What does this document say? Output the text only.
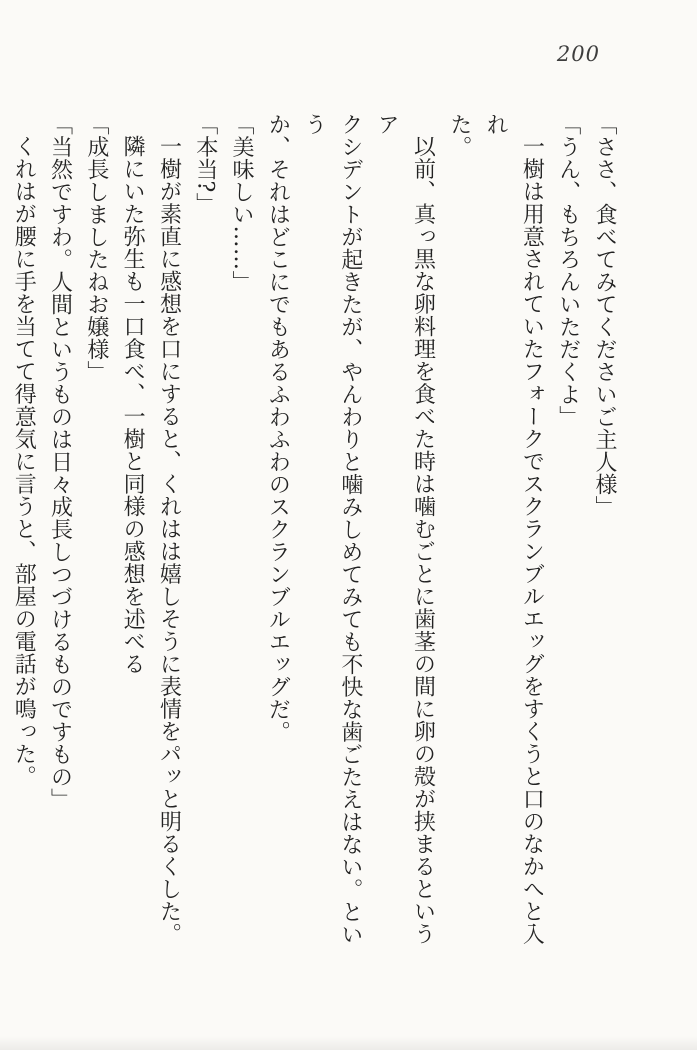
200

「ささ、食べてみてくださいご主人様」

「うん、もちろんいただくよ」

一樹は用意されていたフォークでスクランブルエッグをすくうと口のなかへと入れ

た。

以前、真っ黒な卵料理を食べた時は噛むごとに歯茎の間に卵の殻が挟まるというア

クシデントが起きたが、やんわりと噛みしめてみても不快な歯ごたえはない。という

か、それはどこにでもあるふわふわのスクランブルエッグだ。

「美味しい……」

「本当?」

一樹が素直に感想を口にすると、くれはは嬉しそうに表情をパッと明るくした。

隣にいた弥生も一口食べ、一樹と同様の感想を述べる

「成長しましたねお嬢様」

「当然ですわ。人間というものは日々成長しつづけるものですもの」

くれはが腰に手を当てて得意気に言うと、部屋の電話が鳴った。
